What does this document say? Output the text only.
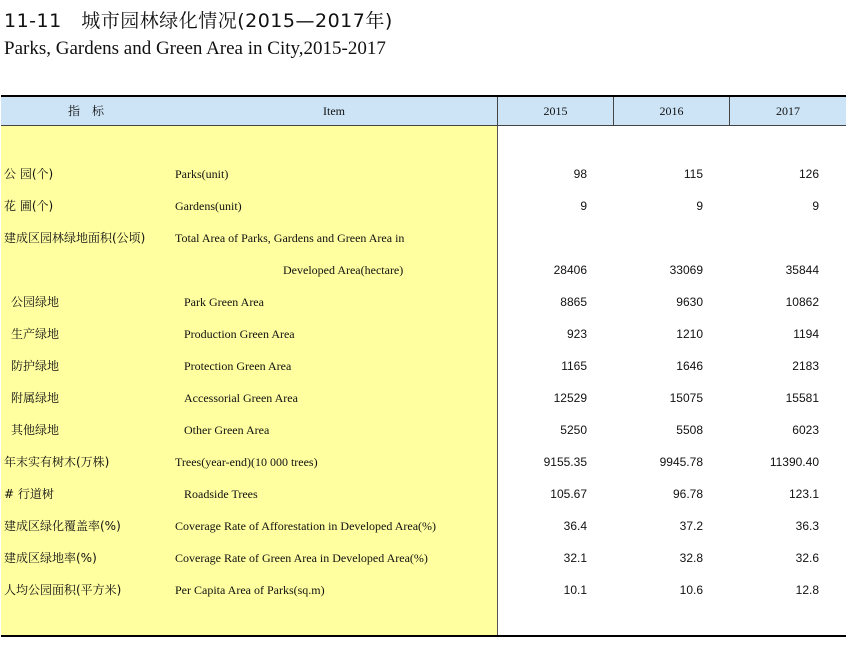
11-11　城市园林绿化情况(2015—2017年)
Parks, Gardens and Green Area in City,2015-2017
指　标	Item	2015	2016	2017
公 园(个)	Parks(unit)	98	115	126
花 圃(个)	Gardens(unit)	9	9	9
建成区园林绿地面积(公顷) Total Area of Parks, Gardens and Green Area in
Developed Area(hectare)	28406	33069	35844
公园绿地	Park Green Area	8865	9630	10862
生产绿地	Production Green Area	923	1210	1194
防护绿地	Protection Green Area	1165	1646	2183
附属绿地	Accessorial Green Area	12529	15075	15581
其他绿地	Other Green Area	5250	5508	6023
年末实有树木(万株)	Trees(year-end)(10 000 trees)	9155.35	9945.78	11390.40
# 行道树	Roadside Trees	105.67	96.78	123.1
建成区绿化覆盖率(%)	Coverage Rate of Afforestation in Developed Area(%)	36.4	37.2	36.3
建成区绿地率(%)	Coverage Rate of Green Area in Developed Area(%)	32.1	32.8	32.6
人均公园面积(平方米)	Per Capita Area of Parks(sq.m)	10.1	10.6	12.8
